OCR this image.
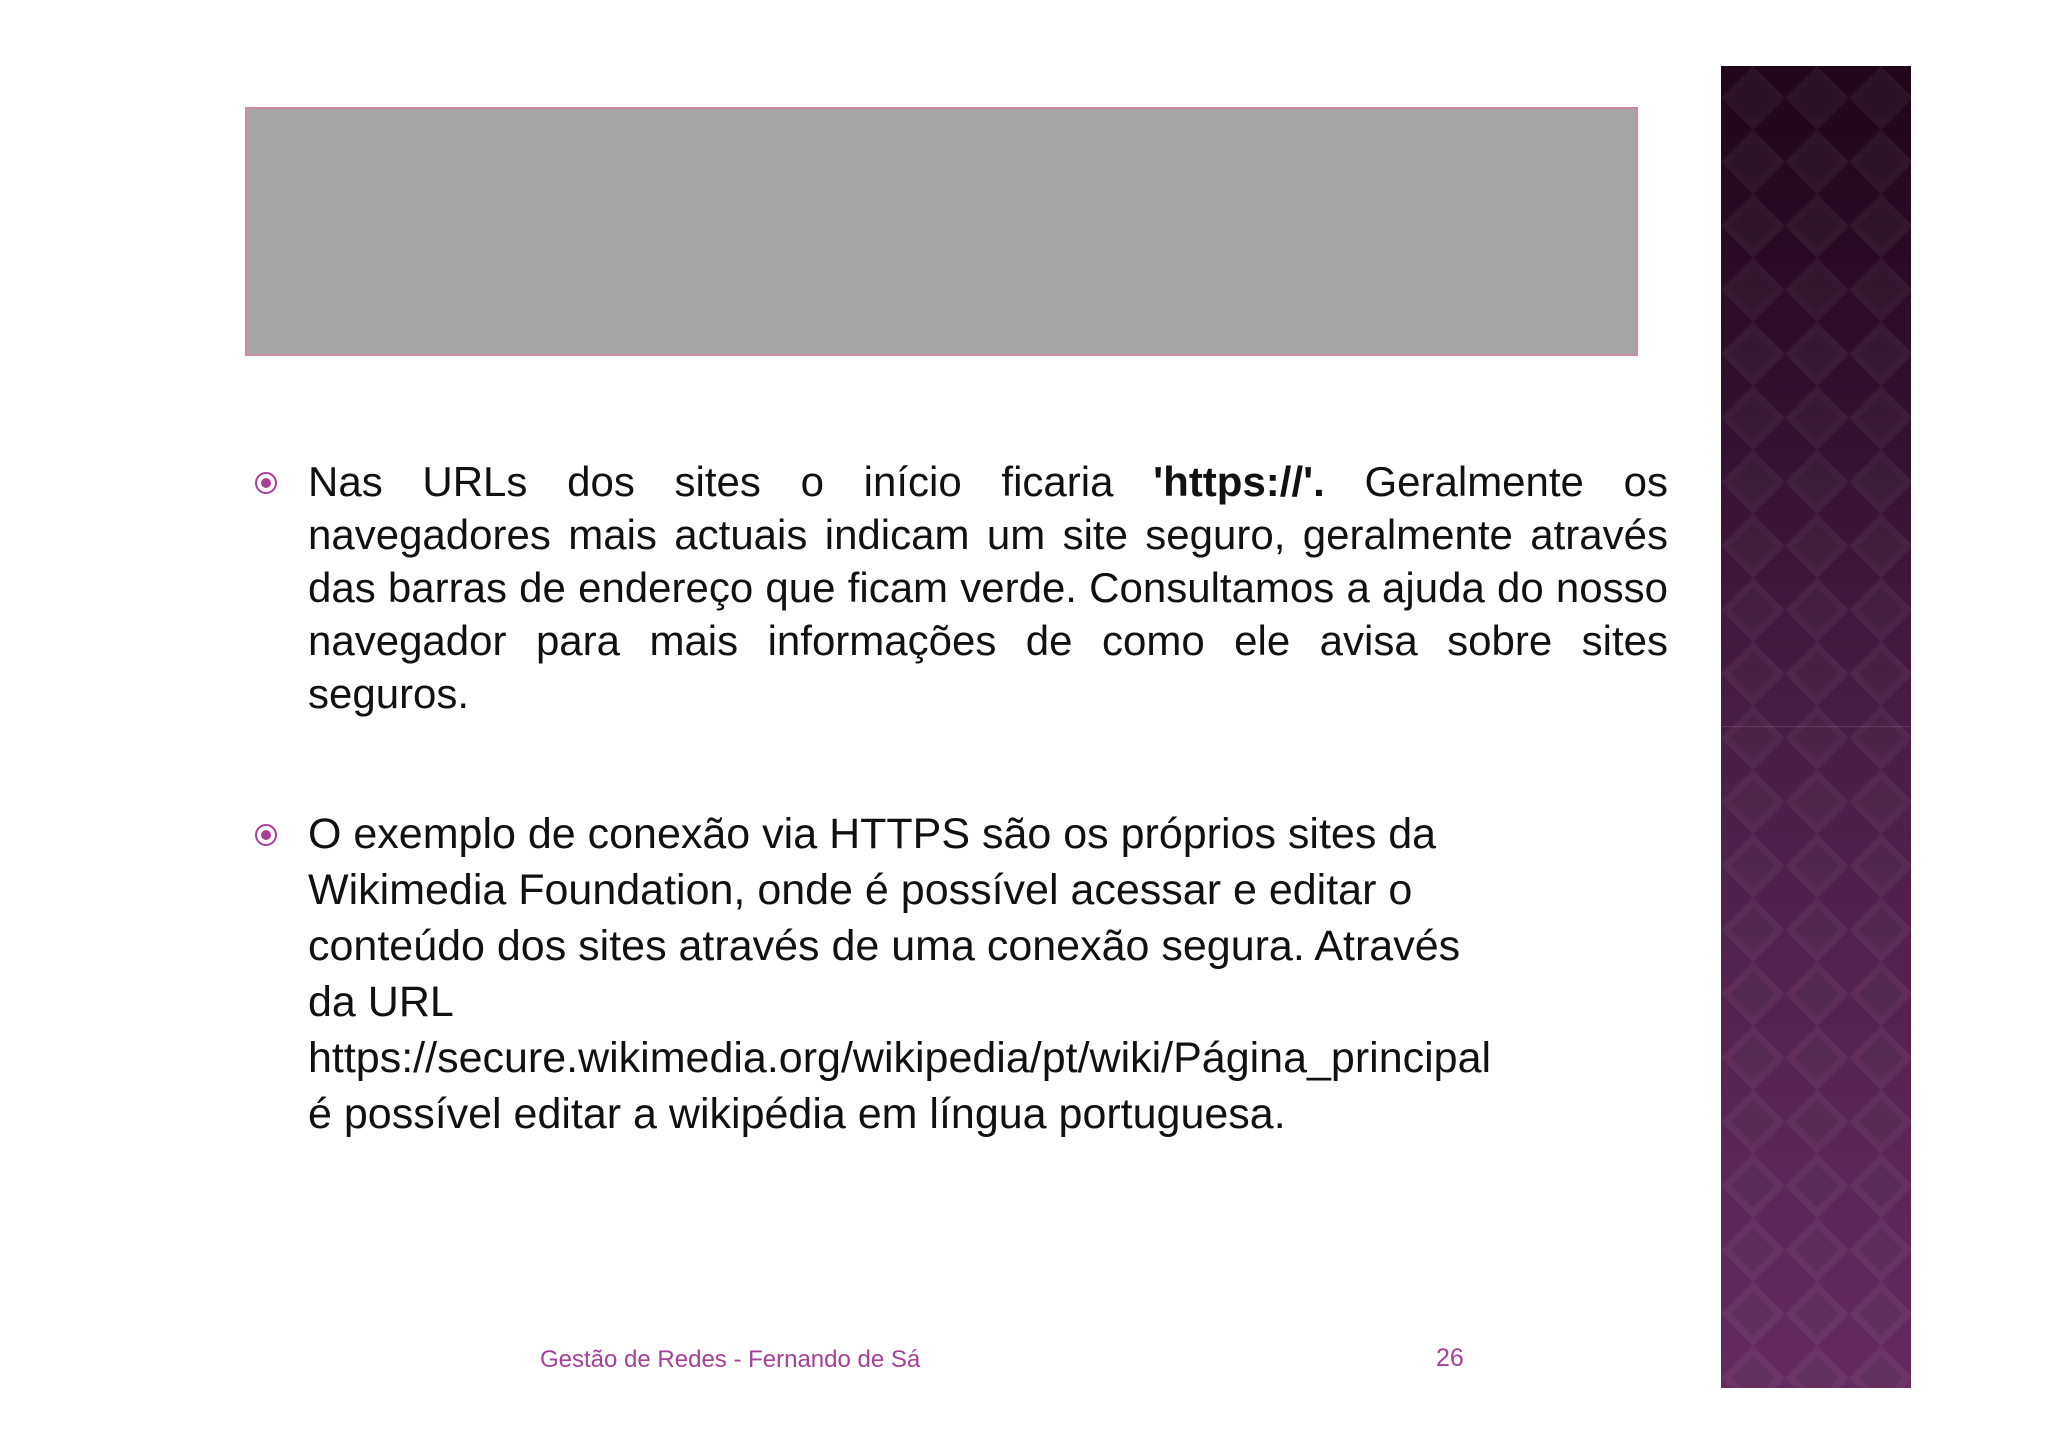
Nas URLs dos sites o início ficaria 'https://'. Geralmente os navegadores mais actuais indicam um site seguro, geralmente através das barras de endereço que ficam verde. Consultamos a ajuda do nosso navegador para mais informações de como ele avisa sobre sites seguros.
O exemplo de conexão via HTTPS são os próprios sites da
Wikimedia Foundation, onde é possível acessar e editar o
conteúdo dos sites através de uma conexão segura. Através
da URL
https://secure.wikimedia.org/wikipedia/pt/wiki/Página_principal
é possível editar a wikipédia em língua portuguesa.
Gestão de Redes - Fernando de Sá	26
